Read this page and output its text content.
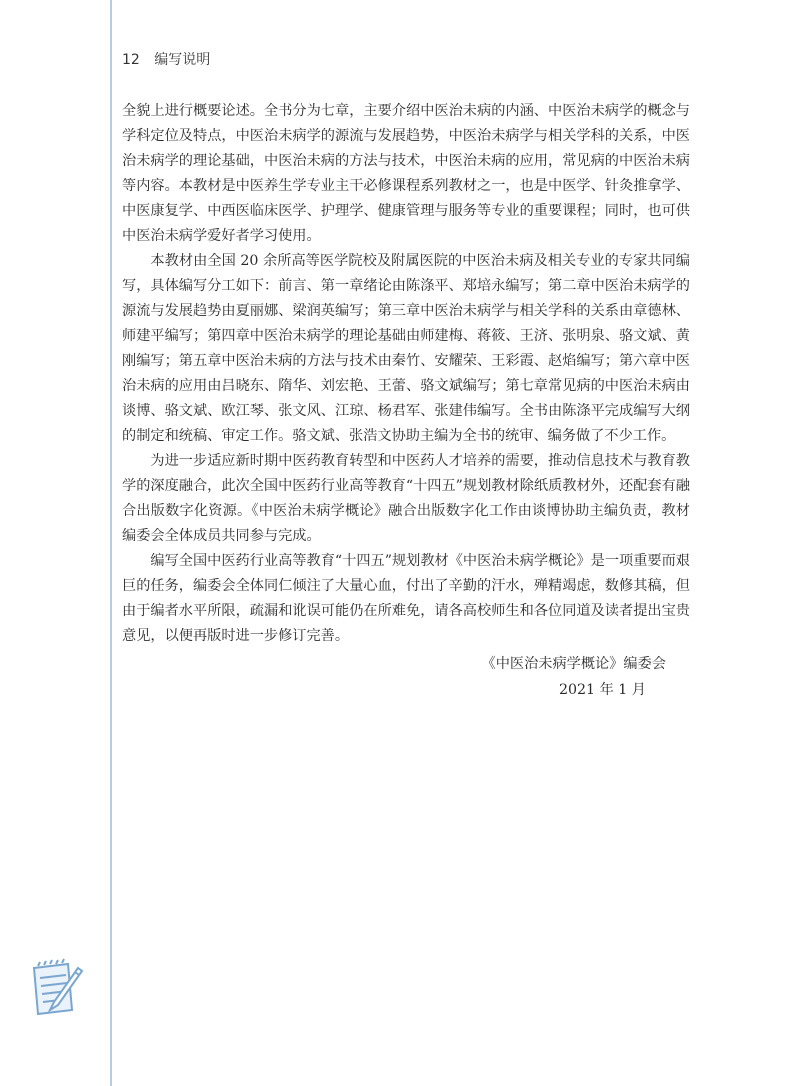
12 编写说明

全貌上进行概要论述。全书分为七章，主要介绍中医治未病的内涵、中医治未病学的概念与学科定位及特点，中医治未病学的源流与发展趋势，中医治未病学与相关学科的关系，中医治未病学的理论基础，中医治未病的方法与技术，中医治未病的应用，常见病的中医治未病等内容。本教材是中医养生学专业主干必修课程系列教材之一，也是中医学、针灸推拿学、中医康复学、中西医临床医学、护理学、健康管理与服务等专业的重要课程；同时，也可供中医治未病学爱好者学习使用。

本教材由全国 20 余所高等医学院校及附属医院的中医治未病及相关专业的专家共同编写，具体编写分工如下：前言、第一章绪论由陈涤平、郑培永编写；第二章中医治未病学的源流与发展趋势由夏丽娜、梁润英编写；第三章中医治未病学与相关学科的关系由章德林、师建平编写；第四章中医治未病学的理论基础由师建梅、蒋筱、王济、张明泉、骆文斌、黄刚编写；第五章中医治未病的方法与技术由秦竹、安耀荣、王彩霞、赵焰编写；第六章中医治未病的应用由吕晓东、隋华、刘宏艳、王蕾、骆文斌编写；第七章常见病的中医治未病由谈博、骆文斌、欧江琴、张文风、江琼、杨君军、张建伟编写。全书由陈涤平完成编写大纲的制定和统稿、审定工作。骆文斌、张浩文协助主编为全书的统审、编务做了不少工作。

为进一步适应新时期中医药教育转型和中医药人才培养的需要，推动信息技术与教育教学的深度融合，此次全国中医药行业高等教育“十四五”规划教材除纸质教材外，还配套有融合出版数字化资源。《中医治未病学概论》融合出版数字化工作由谈博协助主编负责，教材编委会全体成员共同参与完成。

编写全国中医药行业高等教育“十四五”规划教材《中医治未病学概论》是一项重要而艰巨的任务，编委会全体同仁倾注了大量心血，付出了辛勤的汗水，殚精竭虑，数修其稿，但由于编者水平所限，疏漏和讹误可能仍在所难免，请各高校师生和各位同道及读者提出宝贵意见，以便再版时进一步修订完善。

《中医治未病学概论》编委会
2021 年 1 月
